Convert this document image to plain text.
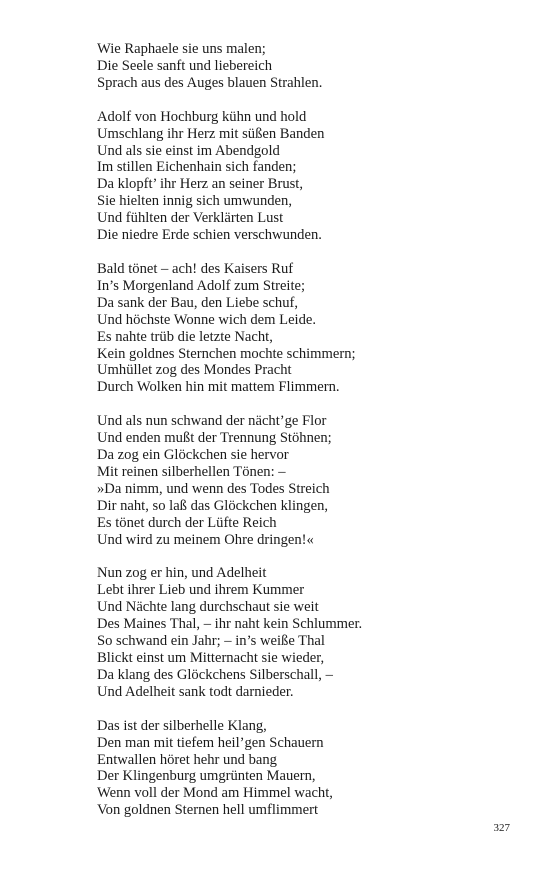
Wie Raphaele sie uns malen;
Die Seele sanft und liebereich
Sprach aus des Auges blauen Strahlen.
Adolf von Hochburg kühn und hold
Umschlang ihr Herz mit süßen Banden
Und als sie einst im Abendgold
Im stillen Eichenhain sich fanden;
Da klopft’ ihr Herz an seiner Brust,
Sie hielten innig sich umwunden,
Und fühlten der Verklärten Lust
Die niedre Erde schien verschwunden.
Bald tönet – ach! des Kaisers Ruf
In’s Morgenland Adolf zum Streite;
Da sank der Bau, den Liebe schuf,
Und höchste Wonne wich dem Leide.
Es nahte trüb die letzte Nacht,
Kein goldnes Sternchen mochte schimmern;
Umhüllet zog des Mondes Pracht
Durch Wolken hin mit mattem Flimmern.
Und als nun schwand der nächt’ge Flor
Und enden mußt der Trennung Stöhnen;
Da zog ein Glöckchen sie hervor
Mit reinen silberhellen Tönen: –
»Da nimm, und wenn des Todes Streich
Dir naht, so laß das Glöckchen klingen,
Es tönet durch der Lüfte Reich
Und wird zu meinem Ohre dringen!«
Nun zog er hin, und Adelheit
Lebt ihrer Lieb und ihrem Kummer
Und Nächte lang durchschaut sie weit
Des Maines Thal, – ihr naht kein Schlummer.
So schwand ein Jahr; – in’s weiße Thal
Blickt einst um Mitternacht sie wieder,
Da klang des Glöckchens Silberschall, –
Und Adelheit sank todt darnieder.
Das ist der silberhelle Klang,
Den man mit tiefem heil’gen Schauern
Entwallen höret hehr und bang
Der Klingenburg umgrünten Mauern,
Wenn voll der Mond am Himmel wacht,
Von goldnen Sternen hell umflimmert
327
